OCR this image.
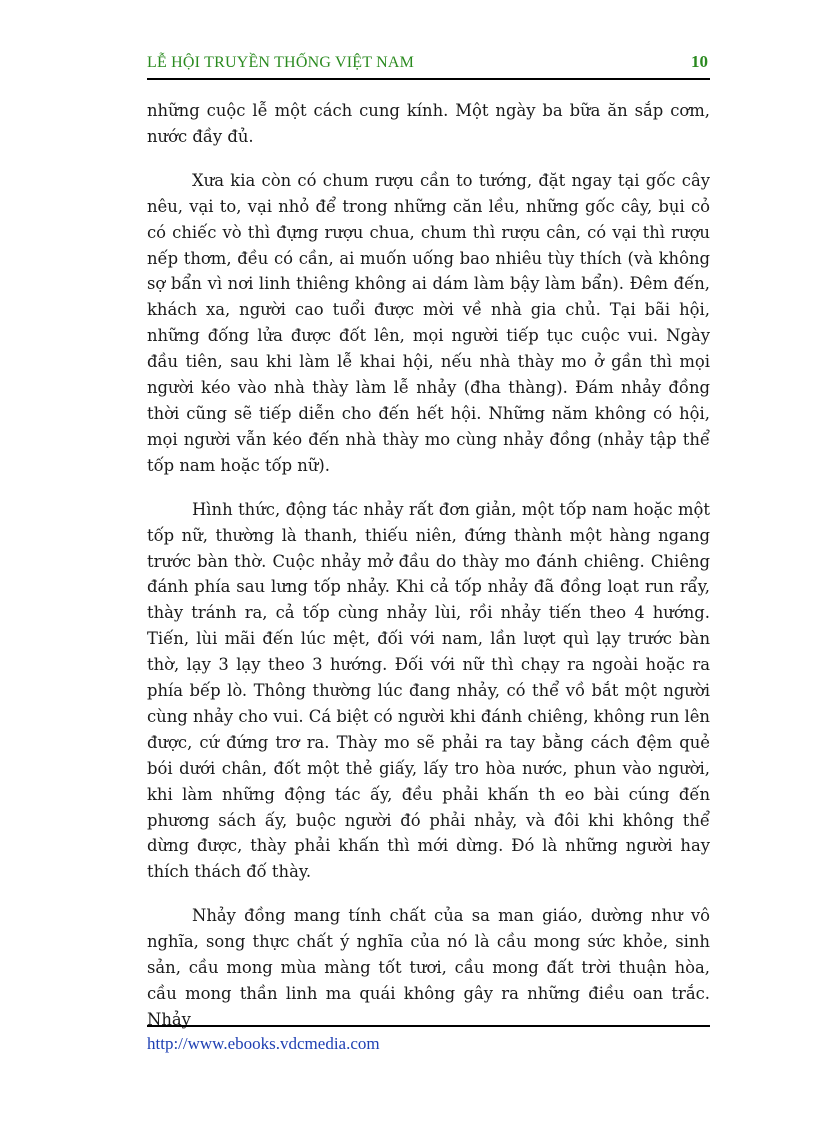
LỄ HỘI TRUYỀN THỐNG VIỆT NAM	10

những cuộc lễ một cách cung kính. Một ngày ba bữa ăn sắp cơm, nước đầy đủ.

Xưa kia còn có chum rượu cần to tướng, đặt ngay tại gốc cây nêu, vại to, vại nhỏ để trong những căn lều, những gốc cây, bụi cỏ có chiếc vò thì đựng rượu chua, chum thì rượu cân, có vại thì rượu nếp thơm, đều có cần, ai muốn uống bao nhiêu tùy thích (và không sợ bẩn vì nơi linh thiêng không ai dám làm bậy làm bẩn). Đêm đến, khách xa, người cao tuổi được mời về nhà gia chủ. Tại bãi hội, những đống lửa được đốt lên, mọi người tiếp tục cuộc vui. Ngày đầu tiên, sau khi làm lễ khai hội, nếu nhà thày mo ở gần thì mọi người kéo vào nhà thày làm lễ nhảy (đha thàng). Đám nhảy đồng thời cũng sẽ tiếp diễn cho đến hết hội. Những năm không có hội, mọi người vẫn kéo đến nhà thày mo cùng nhảy đồng (nhảy tập thể tốp nam hoặc tốp nữ).

Hình thức, động tác nhảy rất đơn giản, một tốp nam hoặc một tốp nữ, thường là thanh, thiếu niên, đứng thành một hàng ngang trước bàn thờ. Cuộc nhảy mở đầu do thày mo đánh chiêng. Chiêng đánh phía sau lưng tốp nhảy. Khi cả tốp nhảy đã đồng loạt run rẩy, thày tránh ra, cả tốp cùng nhảy lùi, rồi nhảy tiến theo 4 hướng. Tiến, lùi mãi đến lúc mệt, đối với nam, lần lượt quì lạy trước bàn thờ, lạy 3 lạy theo 3 hướng. Đối với nữ thì chạy ra ngoài hoặc ra phía bếp lò. Thông thường lúc đang nhảy, có thể vồ bắt một người cùng nhảy cho vui. Cá biệt có người khi đánh chiêng, không run lên được, cứ đứng trơ ra. Thày mo sẽ phải ra tay bằng cách đệm quẻ bói dưới chân, đốt một thẻ giấy, lấy tro hòa nước, phun vào người, khi làm những động tác ấy, đều phải khấn th eo bài cúng đến phương sách ấy, buộc người đó phải nhảy, và đôi khi không thể dừng được, thày phải khấn thì mới dừng. Đó là những người hay thích thách đố thày.

Nhảy đồng mang tính chất của sa man giáo, dường như vô nghĩa, song thực chất ý nghĩa của nó là cầu mong sức khỏe, sinh sản, cầu mong mùa màng tốt tươi, cầu mong đất trời thuận hòa, cầu mong thần linh ma quái không gây ra những điều oan trắc. Nhảy

http://www.ebooks.vdcmedia.com
